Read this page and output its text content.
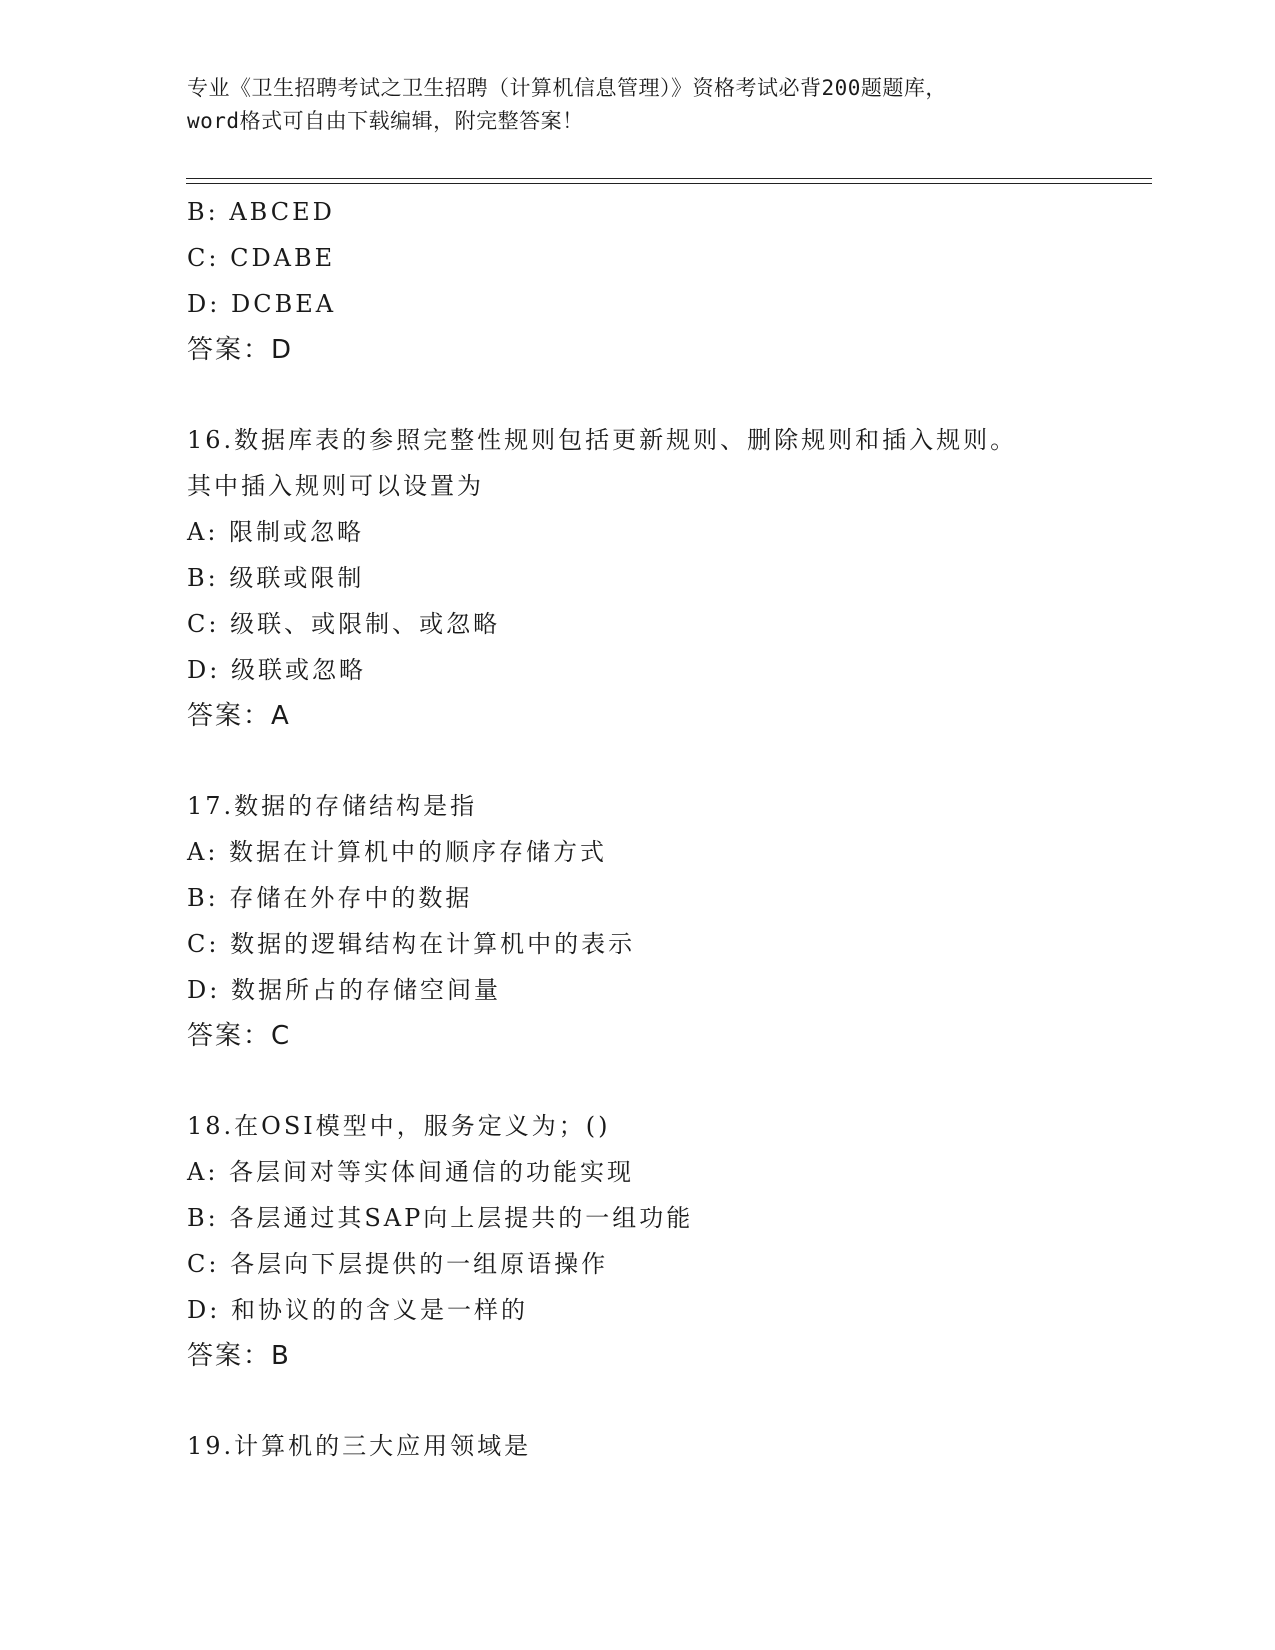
专业《卫生招聘考试之卫生招聘（计算机信息管理）》资格考试必背200题题库，
word格式可自由下载编辑，附完整答案！
B: ABCED
C: CDABE
D: DCBEA
答案：D
16.数据库表的参照完整性规则包括更新规则、删除规则和插入规则。
其中插入规则可以设置为
A: 限制或忽略
B: 级联或限制
C: 级联、或限制、或忽略
D: 级联或忽略
答案：A
17.数据的存储结构是指
A: 数据在计算机中的顺序存储方式
B: 存储在外存中的数据
C: 数据的逻辑结构在计算机中的表示
D: 数据所占的存储空间量
答案：C
18.在OSI模型中，服务定义为；()
A: 各层间对等实体间通信的功能实现
B: 各层通过其SAP向上层提共的一组功能
C: 各层向下层提供的一组原语操作
D: 和协议的的含义是一样的
答案：B
19.计算机的三大应用领域是
